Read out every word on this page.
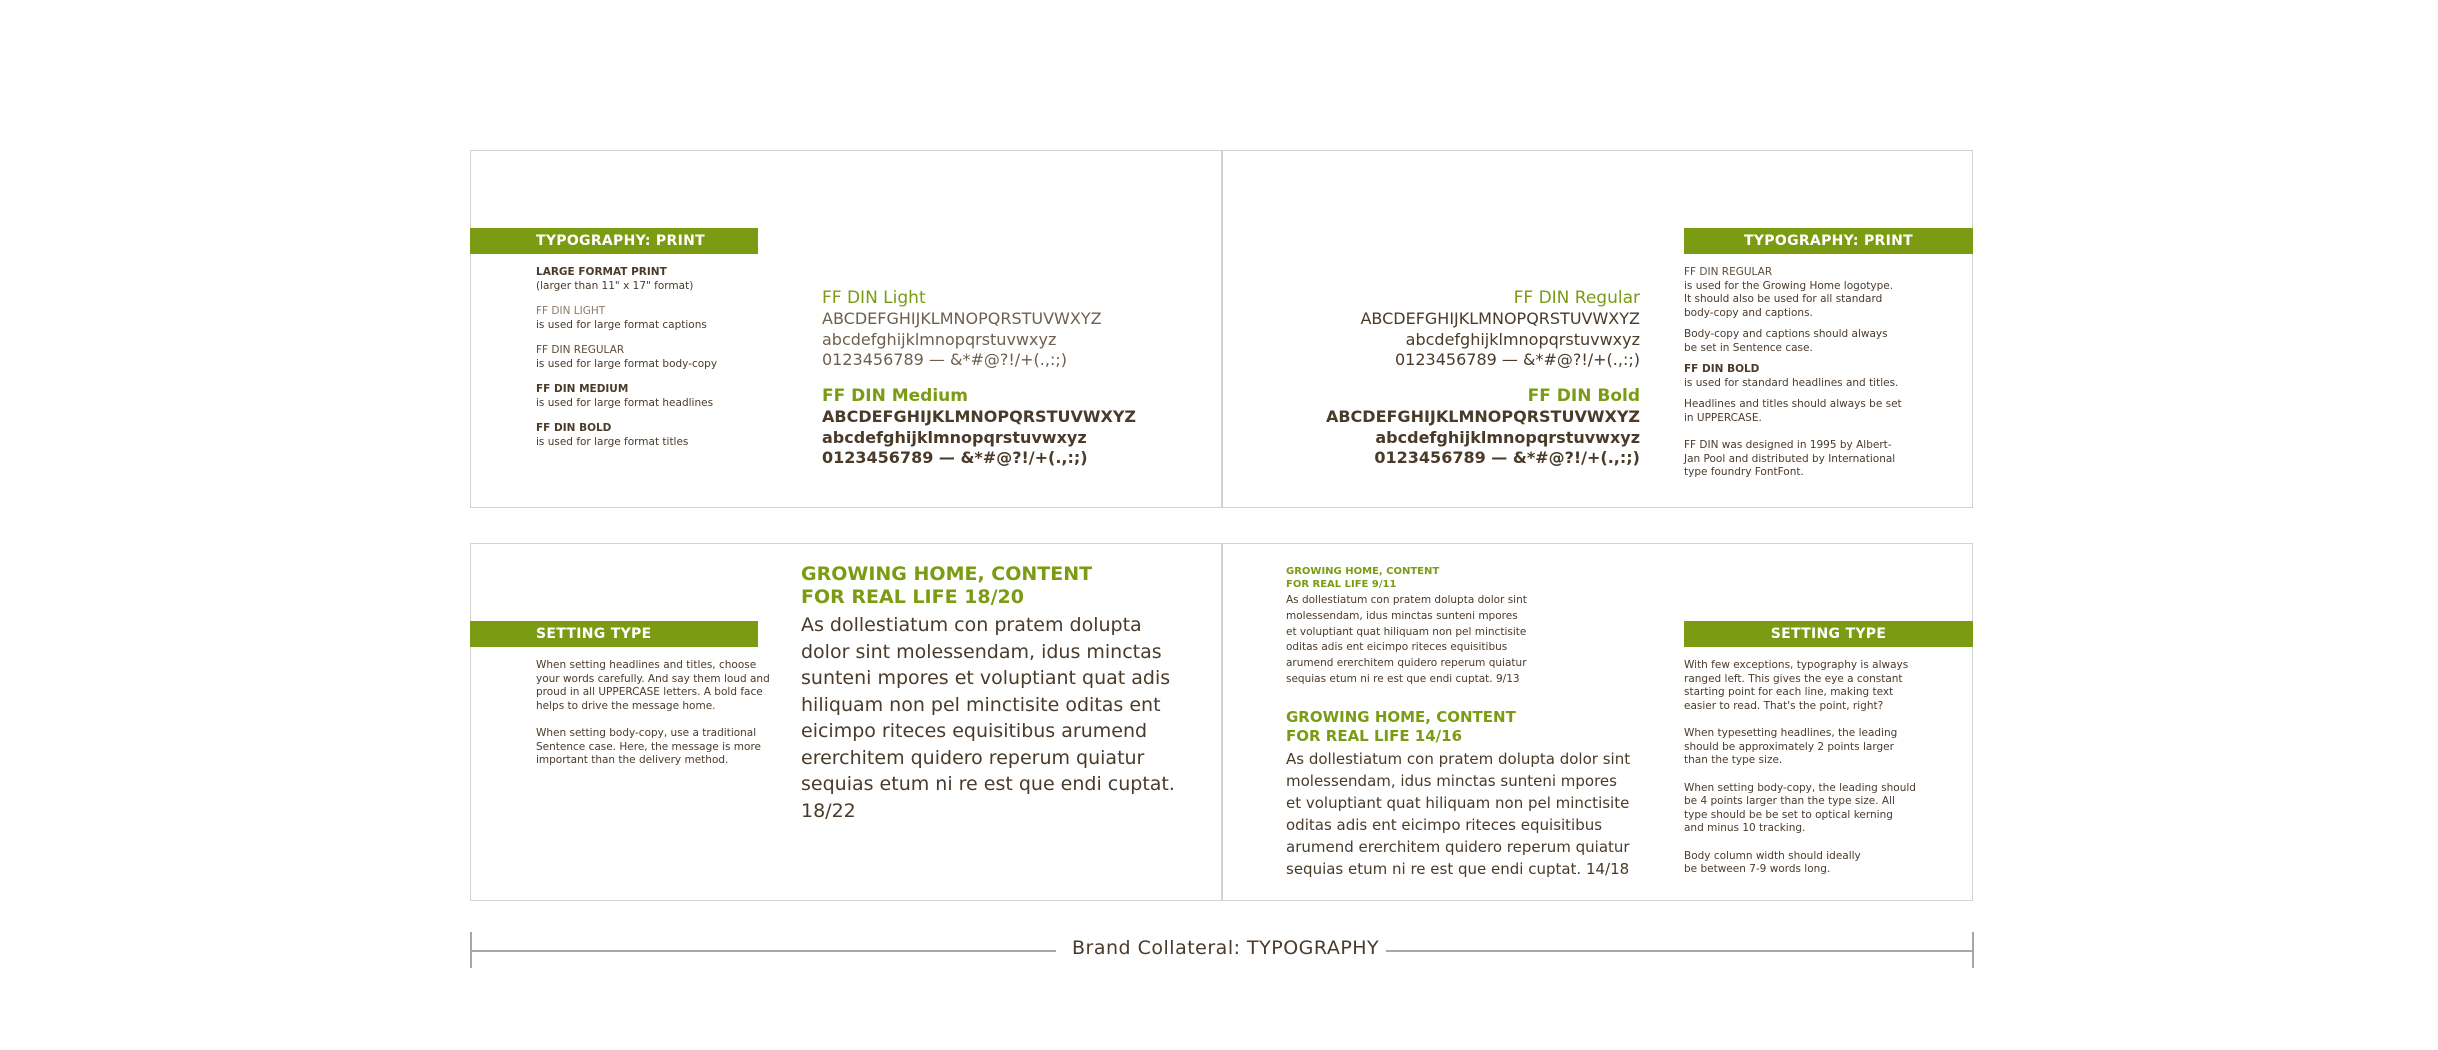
TYPOGRAPHY: PRINT	TYPOGRAPHY: PRINT
LARGE FORMAT PRINT
(larger than 11" x 17" format)
FF DIN LIGHT
is used for large format captions
FF DIN REGULAR
is used for large format body-copy
FF DIN MEDIUM
is used for large format headlines
FF DIN BOLD
is used for large format titles
FF DIN Light
ABCDEFGHIJKLMNOPQRSTUVWXYZ
abcdefghijklmnopqrstuvwxyz
0123456789 — &*#@?!/+(.,:;)
FF DIN Medium
ABCDEFGHIJKLMNOPQRSTUVWXYZ
abcdefghijklmnopqrstuvwxyz
0123456789 — &*#@?!/+(.,:;)
FF DIN Regular
ABCDEFGHIJKLMNOPQRSTUVWXYZ
abcdefghijklmnopqrstuvwxyz
0123456789 — &*#@?!/+(.,:;)
FF DIN Bold
ABCDEFGHIJKLMNOPQRSTUVWXYZ
abcdefghijklmnopqrstuvwxyz
0123456789 — &*#@?!/+(.,:;)
FF DIN REGULAR
is used for the Growing Home logotype.
It should also be used for all standard
body-copy and captions.
Body-copy and captions should always
be set in Sentence case.
FF DIN BOLD
is used for standard headlines and titles.
Headlines and titles should always be set
in UPPERCASE.
FF DIN was designed in 1995 by Albert-
Jan Pool and distributed by International
type foundry FontFont.
SETTING TYPE	SETTING TYPE
When setting headlines and titles, choose
your words carefully. And say them loud and
proud in all UPPERCASE letters. A bold face
helps to drive the message home.
When setting body-copy, use a traditional
Sentence case. Here, the message is more
important than the delivery method.
GROWING HOME, CONTENT
FOR REAL LIFE 18/20
As dollestiatum con pratem dolupta
dolor sint molessendam, idus minctas
sunteni mpores et voluptiant quat adis
hiliquam non pel minctisite oditas ent
eicimpo riteces equisitibus arumend
ererchitem quidero reperum quiatur
sequias etum ni re est que endi cuptat.
18/22
GROWING HOME, CONTENT
FOR REAL LIFE 9/11
As dollestiatum con pratem dolupta dolor sint
molessendam, idus minctas sunteni mpores
et voluptiant quat hiliquam non pel minctisite
oditas adis ent eicimpo riteces equisitibus
arumend ererchitem quidero reperum quiatur
sequias etum ni re est que endi cuptat. 9/13
GROWING HOME, CONTENT
FOR REAL LIFE 14/16
As dollestiatum con pratem dolupta dolor sint
molessendam, idus minctas sunteni mpores
et voluptiant quat hiliquam non pel minctisite
oditas adis ent eicimpo riteces equisitibus
arumend ererchitem quidero reperum quiatur
sequias etum ni re est que endi cuptat. 14/18
With few exceptions, typography is always
ranged left. This gives the eye a constant
starting point for each line, making text
easier to read. That's the point, right?
When typesetting headlines, the leading
should be approximately 2 points larger
than the type size.
When setting body-copy, the leading should
be 4 points larger than the type size. All
type should be be set to optical kerning
and minus 10 tracking.
Body column width should ideally
be between 7-9 words long.
Brand Collateral: TYPOGRAPHY
